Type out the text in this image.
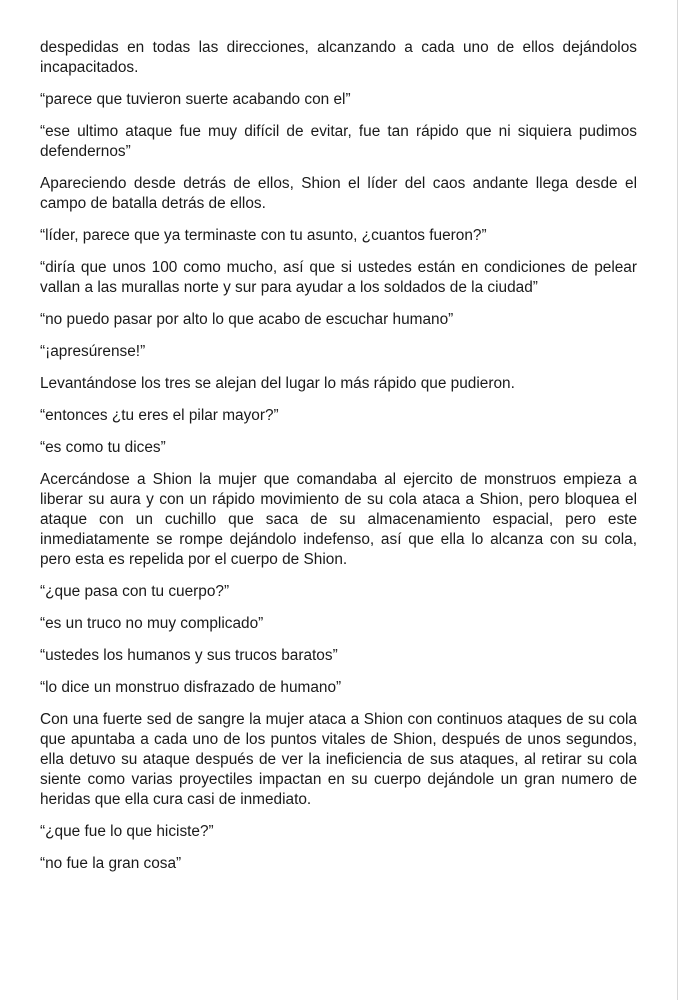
despedidas en todas las direcciones, alcanzando a cada uno de ellos dejándolos incapacitados.

“parece que tuvieron suerte acabando con el”

“ese ultimo ataque fue muy difícil de evitar, fue tan rápido que ni siquiera pudimos defendernos”

Apareciendo desde detrás de ellos, Shion el líder del caos andante llega desde el campo de batalla detrás de ellos.

“líder, parece que ya terminaste con tu asunto, ¿cuantos fueron?”

“diría que unos 100 como mucho, así que si ustedes están en condiciones de pelear vallan a las murallas norte y sur para ayudar a los soldados de la ciudad”

“no puedo pasar por alto lo que acabo de escuchar humano”

“¡apresúrense!”

Levantándose los tres se alejan del lugar lo más rápido que pudieron.

“entonces ¿tu eres el pilar mayor?”

“es como tu dices”

Acercándose a Shion la mujer que comandaba al ejercito de monstruos empieza a liberar su aura y con un rápido movimiento de su cola ataca a Shion, pero bloquea el ataque con un cuchillo que saca de su almacenamiento espacial, pero este inmediatamente se rompe dejándolo indefenso, así que ella lo alcanza con su cola, pero esta es repelida por el cuerpo de Shion.

“¿que pasa con tu cuerpo?”

“es un truco no muy complicado”

“ustedes los humanos y sus trucos baratos”

“lo dice un monstruo disfrazado de humano”

Con una fuerte sed de sangre la mujer ataca a Shion con continuos ataques de su cola que apuntaba a cada uno de los puntos vitales de Shion, después de unos segundos, ella detuvo su ataque después de ver la ineficiencia de sus ataques, al retirar su cola siente como varias proyectiles impactan en su cuerpo dejándole un gran numero de heridas que ella cura casi de inmediato.

“¿que fue lo que hiciste?”

“no fue la gran cosa”
